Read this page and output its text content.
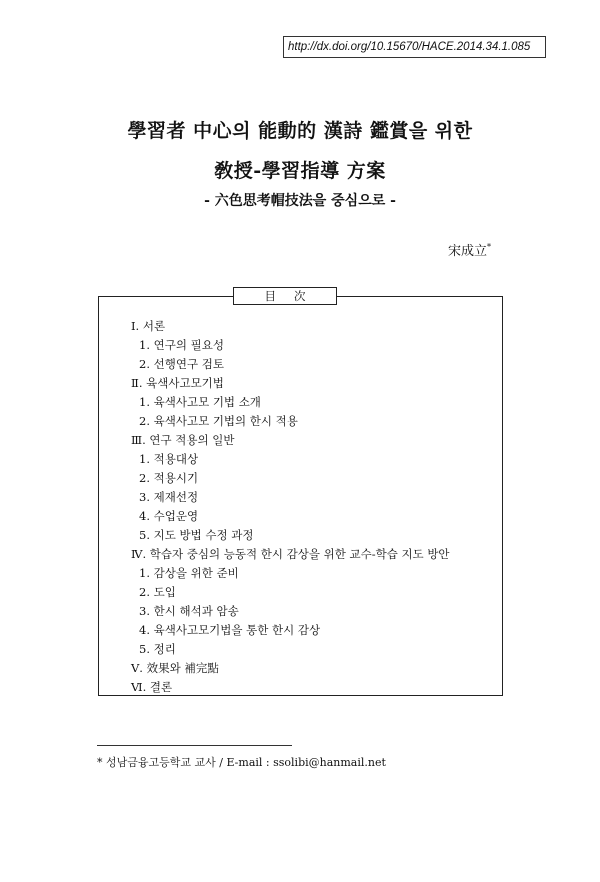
http://dx.doi.org/10.15670/HACE.2014.34.1.085
學習者 中心의 能動的 漢詩 鑑賞을 위한
敎授-學習指導 方案
- 六色思考帽技法을 중심으로 -
宋成立*
目次
Ⅰ. 서론
1. 연구의 필요성
2. 선행연구 검토
Ⅱ. 육색사고모기법
1. 육색사고모 기법 소개
2. 육색사고모 기법의 한시 적용
Ⅲ. 연구 적용의 일반
1. 적용대상
2. 적용시기
3. 제재선정
4. 수업운영
5. 지도 방법 수정 과정
Ⅳ. 학습자 중심의 능동적 한시 감상을 위한 교수-학습 지도 방안
1. 감상을 위한 준비
2. 도입
3. 한시 해석과 암송
4. 육색사고모기법을 통한 한시 감상
5. 정리
Ⅴ. 效果와 補完點
Ⅵ. 결론
* 성남금융고등학교 교사 / E-mail : ssolibi@hanmail.net
